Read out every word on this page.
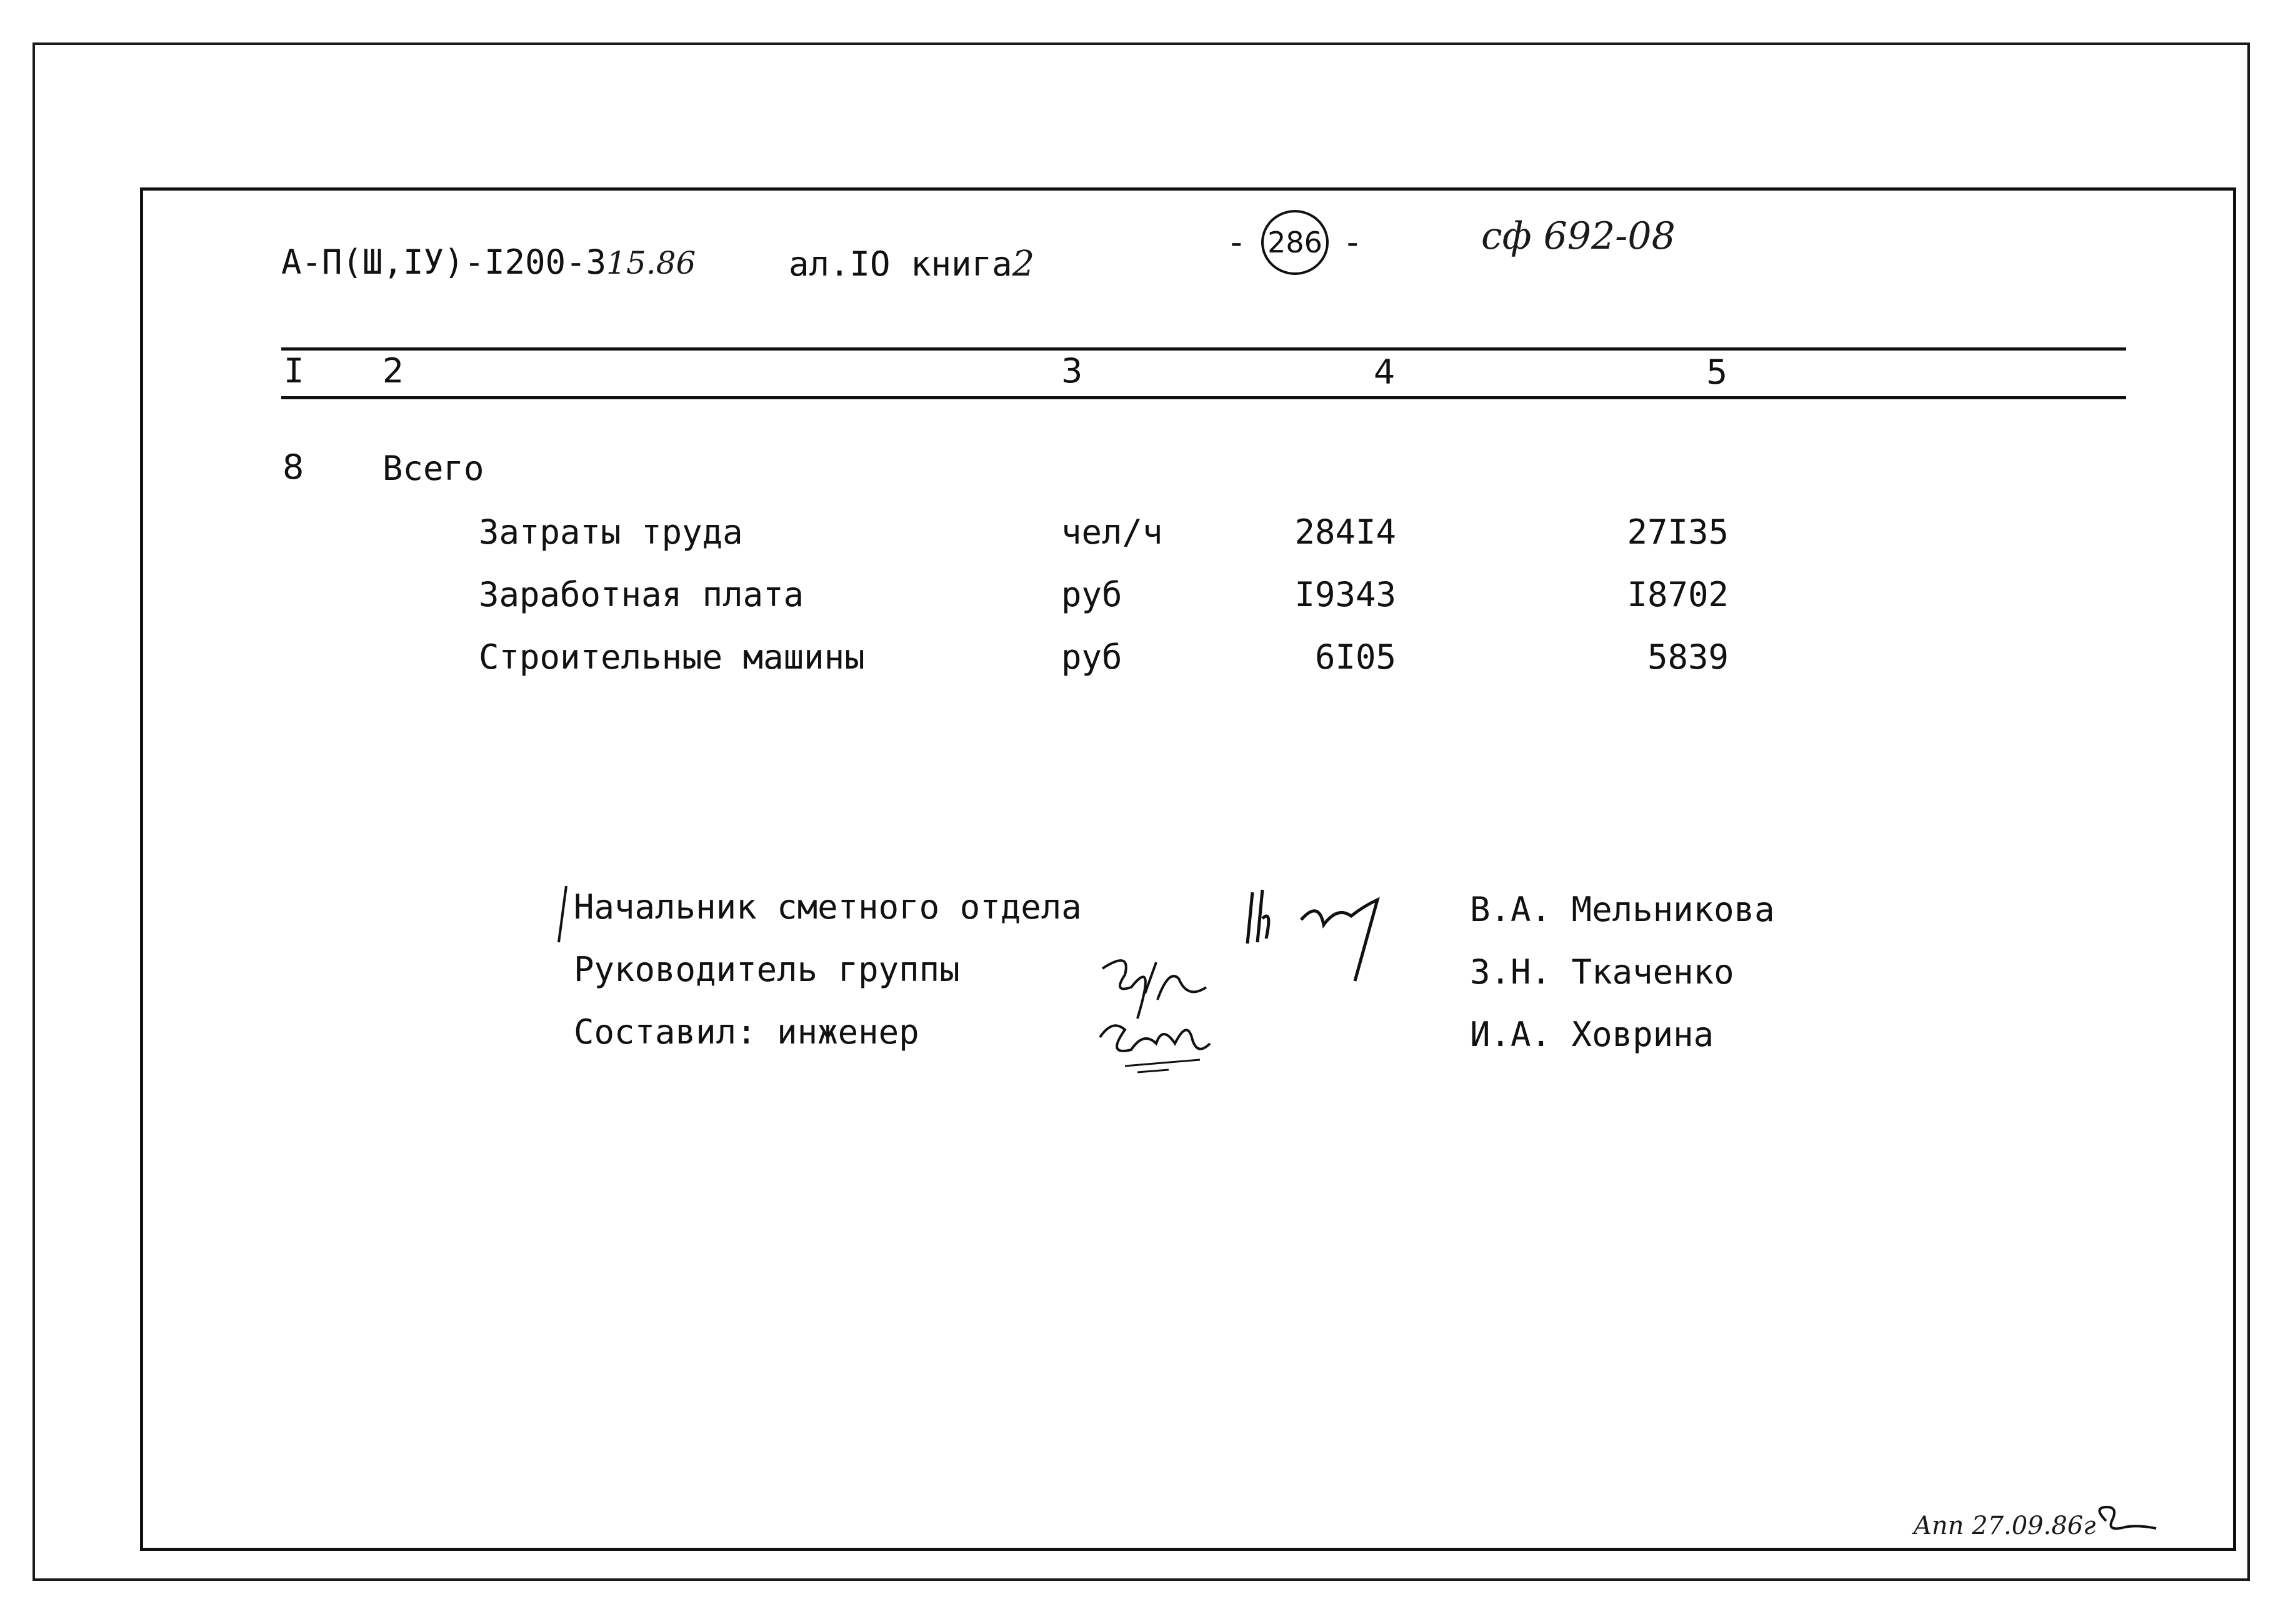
А-П(Ш,IУ)-I200-315.86	ал.IO книга2
- 286 -	сф 692-08
I 2	3	4	5
8 Всего
Затраты труда	чел/ч	284I4	27I35
Заработная плата	руб	I9343	I8702
Строительные машины	руб	6I05	5839
Начальник сметного отдела
Руководитель группы
Составил: инженер
В.А. Мельникова
З.Н. Ткаченко
И.А. Ховрина
Ann 27.09.86г
